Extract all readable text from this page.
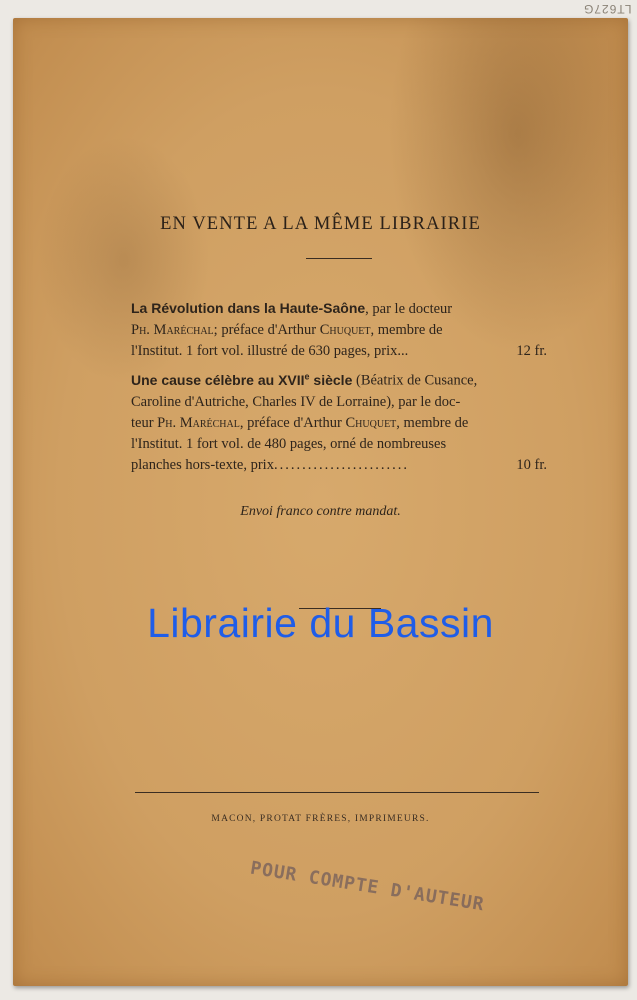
LT627G
EN VENTE A LA MÊME LIBRAIRIE
La Révolution dans la Haute-Saône, par le docteur
Ph. Maréchal; préface d'Arthur Chuquet, membre de
l'Institut. 1 fort vol. illustré de 630 pages, prix...	12 fr.
Une cause célèbre au XVIIe siècle (Béatrix de Cusance,
Caroline d'Autriche, Charles IV de Lorraine), par le doc-
teur Ph. Maréchal, préface d'Arthur Chuquet, membre de
l'Institut. 1 fort vol. de 480 pages, orné de nombreuses
planches hors-texte, prix........................	10 fr.
Envoi franco contre mandat.
Librairie du Bassin
MACON, PROTAT FRÈRES, IMPRIMEURS.
POUR COMPTE D'AUTEUR
